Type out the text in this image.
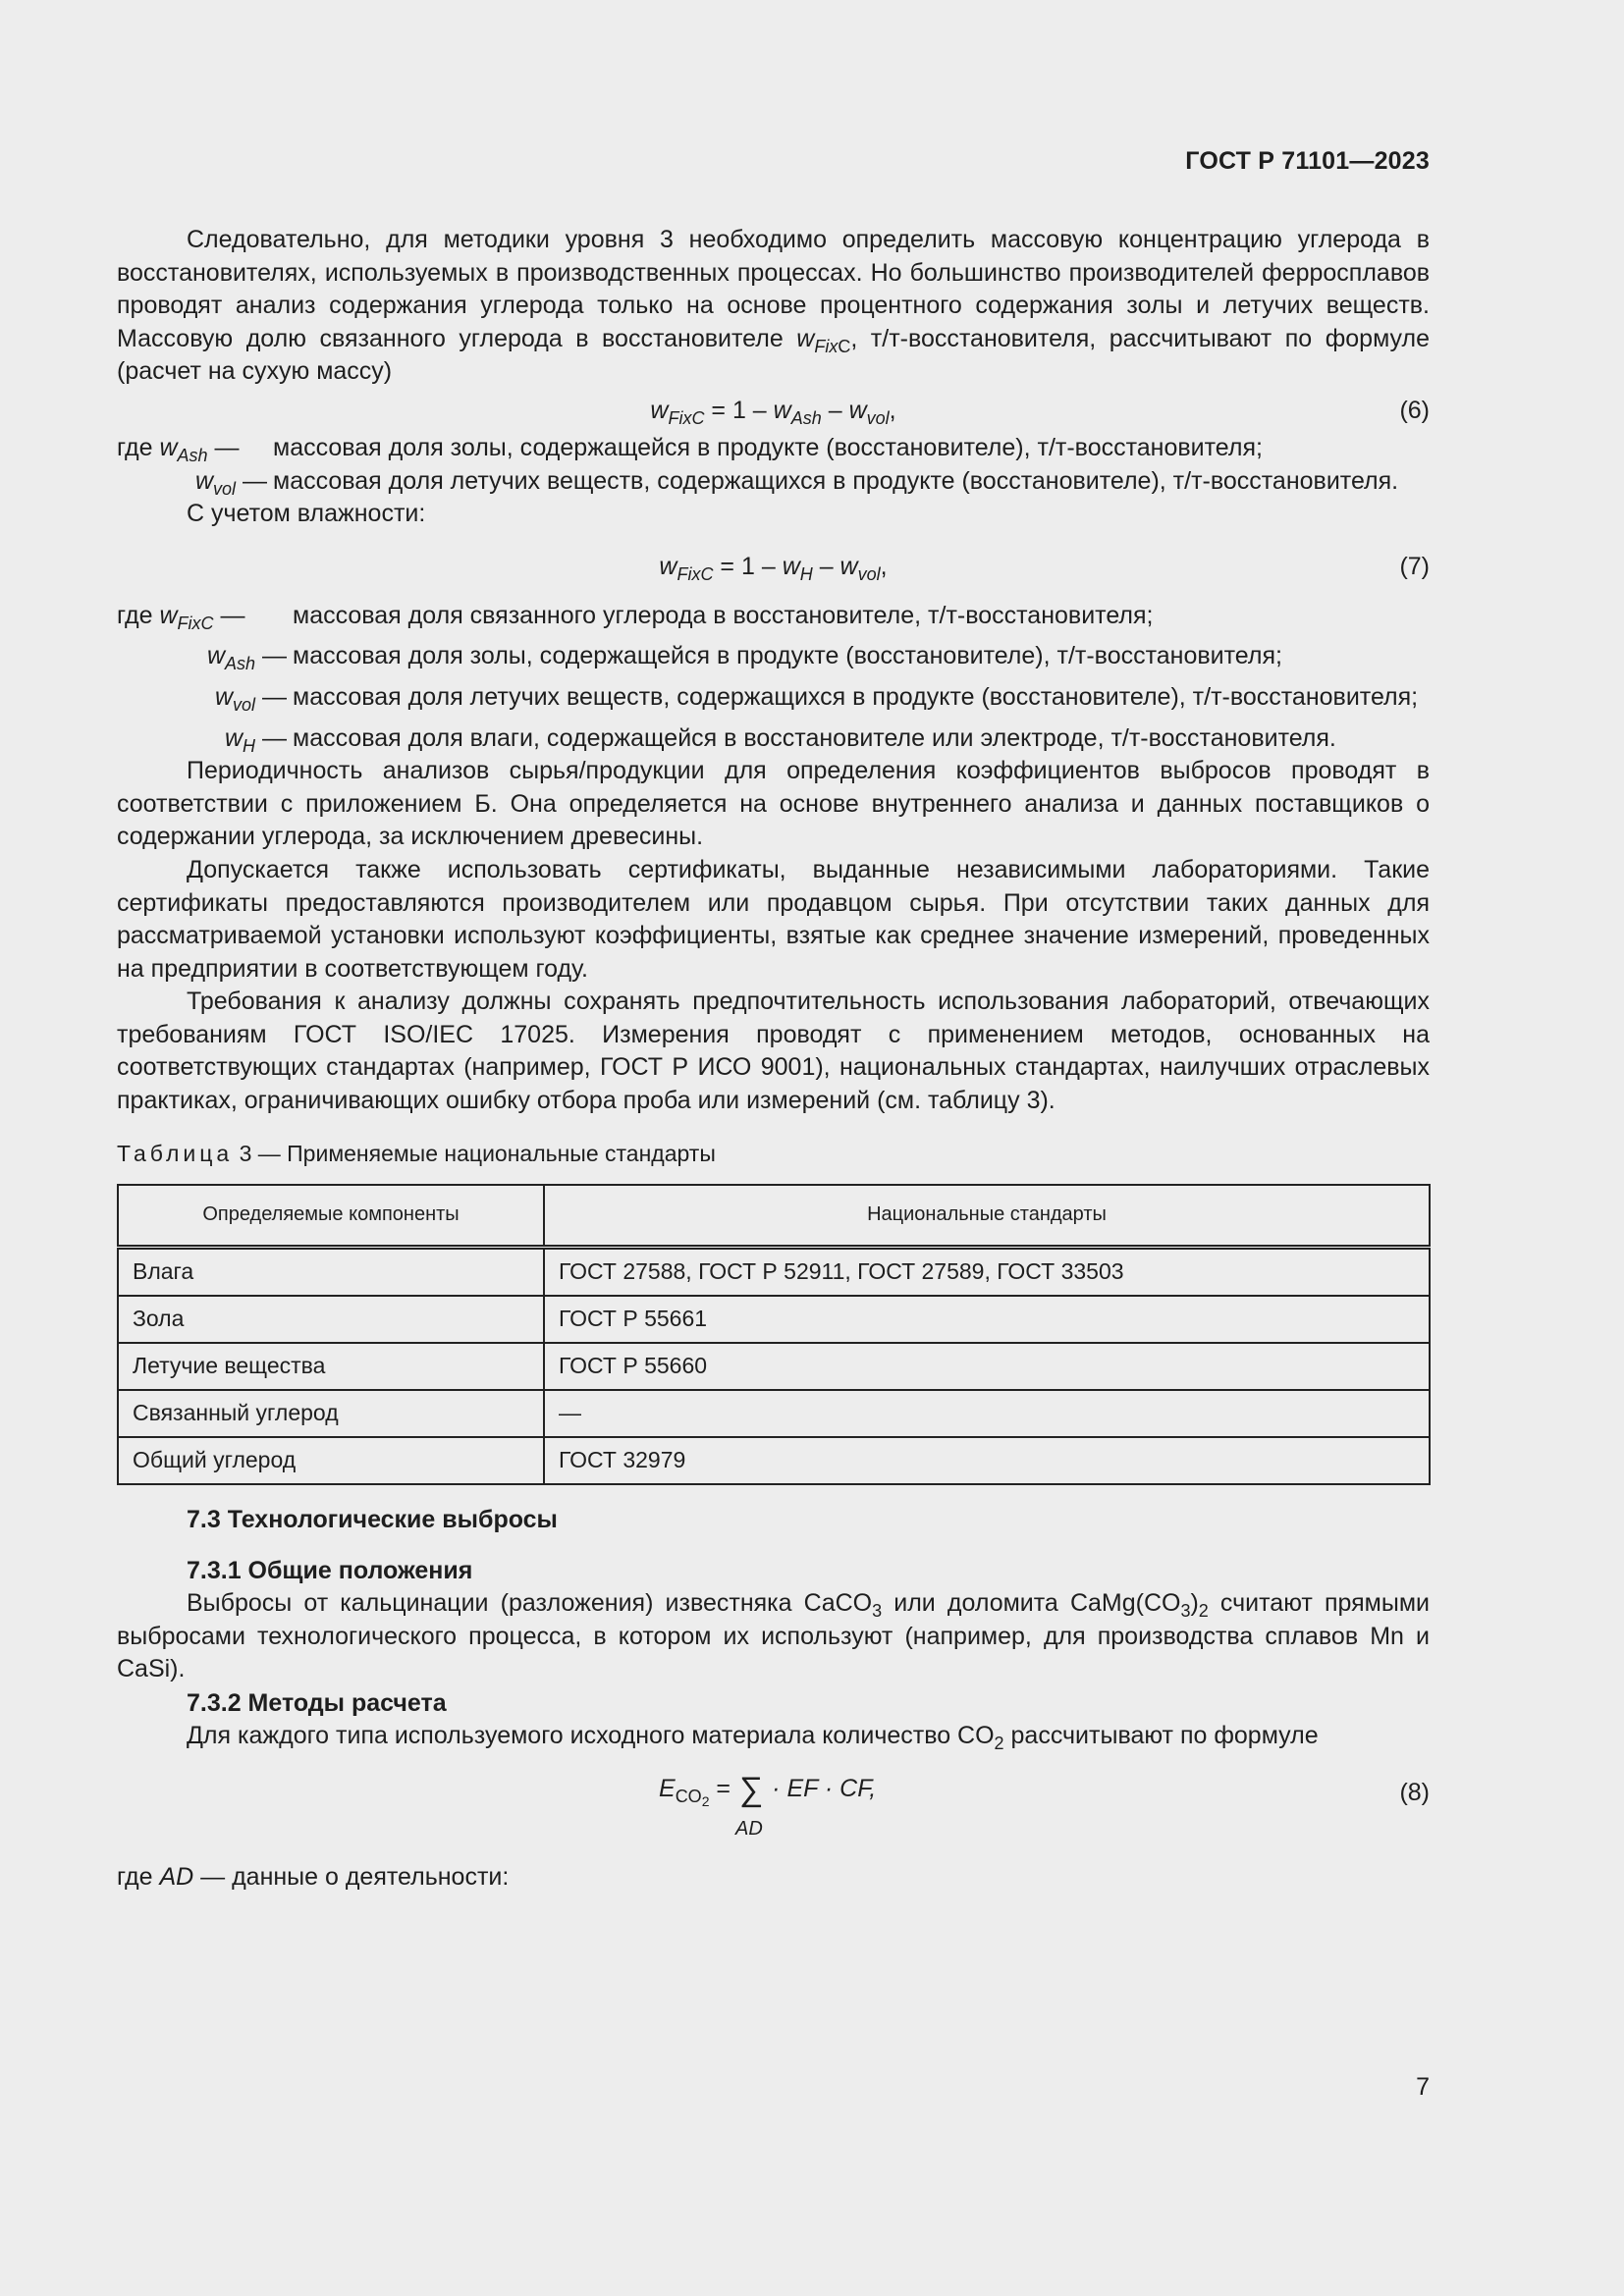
ГОСТ Р 71101—2023

Следовательно, для методики уровня 3 необходимо определить массовую концентрацию углерода в восстановителях, используемых в производственных процессах. Но большинство производителей ферросплавов проводят анализ содержания углерода только на основе процентного содержания золы и летучих веществ. Массовую долю связанного углерода в восстановителе $w_{FixC}$, т/т-восстановителя, рассчитывают по формуле (расчет на сухую массу)

$w_{FixC} = 1 - w_{Ash} - w_{vol}$,	(6)
где $w_{Ash}$ —	массовая доля золы, содержащейся в продукте (восстановителе), т/т-восстановителя;
$w_{vol}$ — массовая доля летучих веществ, содержащихся в продукте (восстановителе), т/т-восстановителя.

С учетом влажности:

$w_{FixC} = 1 - w_H - w_{vol}$,	(7)
где $w_{FixC}$ —	массовая доля связанного углерода в восстановителе, т/т-восстановителя;
$w_{Ash}$ — массовая доля золы, содержащейся в продукте (восстановителе), т/т-восстановителя;
$w_{vol}$ — массовая доля летучих веществ, содержащихся в продукте (восстановителе), т/т-восстановителя;
$w_H$ — массовая доля влаги, содержащейся в восстановителе или электроде, т/т-восстановителя.

Периодичность анализов сырья/продукции для определения коэффициентов выбросов проводят в соответствии с приложением Б. Она определяется на основе внутреннего анализа и данных поставщиков о содержании углерода, за исключением древесины.

Допускается также использовать сертификаты, выданные независимыми лабораториями. Такие сертификаты предоставляются производителем или продавцом сырья. При отсутствии таких данных для рассматриваемой установки используют коэффициенты, взятые как среднее значение измерений, проведенных на предприятии в соответствующем году.

Требования к анализу должны сохранять предпочтительность использования лабораторий, отвечающих требованиям ГОСТ ISO/IEC 17025. Измерения проводят с применением методов, основанных на соответствующих стандартах (например, ГОСТ Р ИСО 9001), национальных стандартах, наилучших отраслевых практиках, ограничивающих ошибку отбора проба или измерений (см. таблицу 3).

Таблица 3 — Применяемые национальные стандарты
Определяемые компоненты	Национальные стандарты
Влага	ГОСТ 27588, ГОСТ Р 52911, ГОСТ 27589, ГОСТ 33503
Зола	ГОСТ Р 55661
Летучие вещества	ГОСТ Р 55660
Связанный углерод	—
Общий углерод	ГОСТ 32979
7.3 Технологические выбросы
7.3.1 Общие положения

Выбросы от кальцинации (разложения) известняка CaCO$_3$ или доломита $CaMg(CO_3)_2$ считают прямыми выбросами технологического процесса, в котором их используют (например, для производства сплавов Mn и CaSi).

7.3.2 Методы расчета

Для каждого типа используемого исходного материала количество $CO_2$ рассчитывают по формуле

$E_{CO_2}$ = ∑
AD
· EF · CF,	(8)
где AD — данные о деятельности:
7
